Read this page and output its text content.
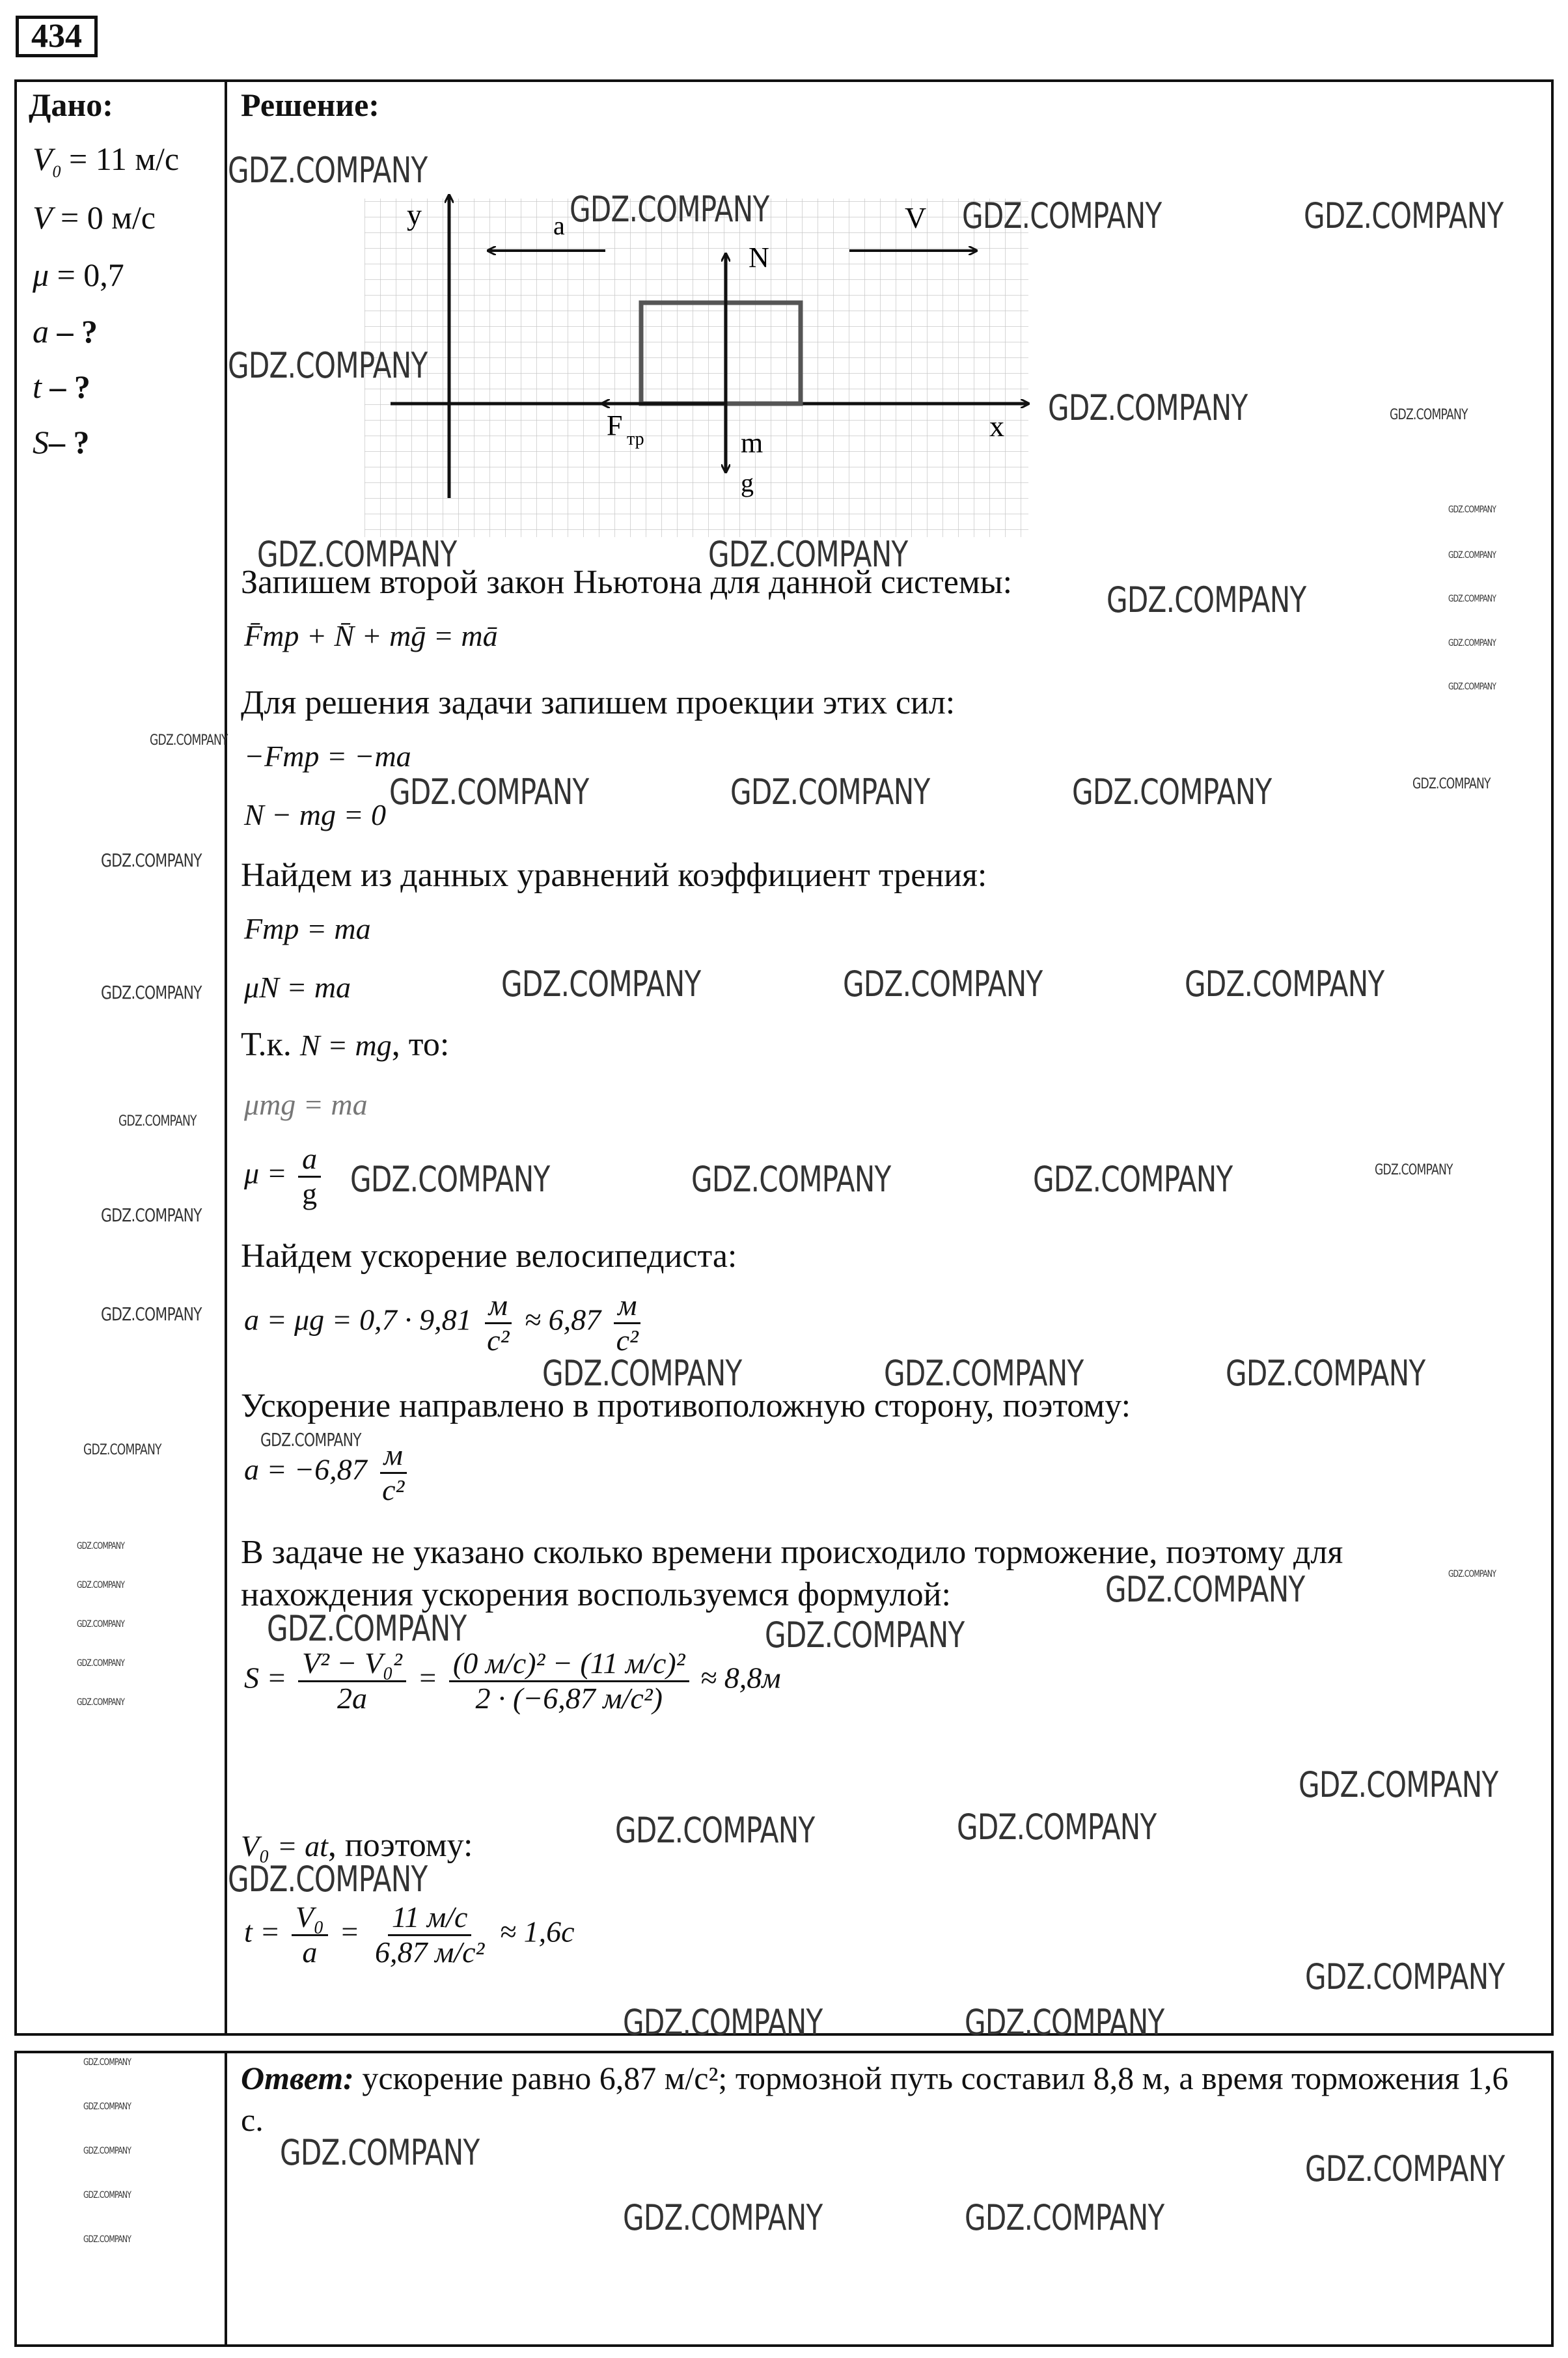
434
Дано:	Решение:
$V_0 = 11$ м/с
V = 0 м/с
μ = 0,7
a – ?
t – ?
S– ?
y
x
a	V
N
F тр	m
g
Запишем второй закон Ньютона для данной системы:
F̄тр + N̄ + mḡ = mā
Для решения задачи запишем проекции этих сил:
−Fтр = −ma
N − mg = 0
Найдем из данных уравнений коэффициент трения:
Fтр = ma
μN = ma
Т.к. N = mg, то:
μmg = ma
$\mu = \frac{a}{g}$
Найдем ускорение велосипедиста:
$a = \mu g = 0,7 \cdot 9,81 \frac{м}{\text{c²}} \approx 6,87 \frac{м}{\text{c²}}$
Ускорение направлено в противоположную сторону, поэтому:
$a = -6,87 \frac{м}{\text{c²}}$
В задаче не указано сколько времени происходило торможение, поэтому для
нахождения ускорения воспользуемся формулой:
$S = \frac{\text{V² − V₀²}}{2a} = \frac{\text{(0 м/c)² − (11 м/c)²}}{\text{2 · (−6,87 м/c²)}} \approx 8,8м$
V₀ = at, поэтому:
$t = \frac{\text{V₀}}{a} = \frac{11 м/c}{\text{6,87 м/c²}} \approx 1,6c$
Ответ: ускорение равно 6,87 м/с²; тормозной путь составил 8,8 м, а время торможения 1,6 с.
GDZ.COMPANY
GDZ.COMPANY	GDZ.COMPANY	GDZ.COMPANY
GDZ.COMPANY
GDZ.COMPANY	GDZ.COMPANY
GDZ.COMPANY	GDZ.COMPANY
GDZ.COMPANY
GDZ.COMPANY
GDZ.COMPANY
GDZ.COMPANY
GDZ.COMPANY
GDZ.COMPANY
GDZ.COMPANY
GDZ.COMPANY	GDZ.COMPANY	GDZ.COMPANY	GDZ.COMPANY
GDZ.COMPANY
GDZ.COMPANY	GDZ.COMPANY	GDZ.COMPANY
GDZ.COMPANY
GDZ.COMPANY
GDZ.COMPANY	GDZ.COMPANY	GDZ.COMPANY	GDZ.COMPANY
GDZ.COMPANY
GDZ.COMPANY
GDZ.COMPANY	GDZ.COMPANY	GDZ.COMPANY
GDZ.COMPANY	GDZ.COMPANY
GDZ.COMPANY
GDZ.COMPANY
GDZ.COMPANY
GDZ.COMPANY
GDZ.COMPANY
GDZ.COMPANY
GDZ.COMPANY
GDZ.COMPANY	GDZ.COMPANY
GDZ.COMPANY
GDZ.COMPANY	GDZ.COMPANY
GDZ.COMPANY
GDZ.COMPANY
GDZ.COMPANY	GDZ.COMPANY
GDZ.COMPANY
GDZ.COMPANY
GDZ.COMPANY
GDZ.COMPANY
GDZ.COMPANY
GDZ.COMPANY	GDZ.COMPANY
GDZ.COMPANY	GDZ.COMPANY
